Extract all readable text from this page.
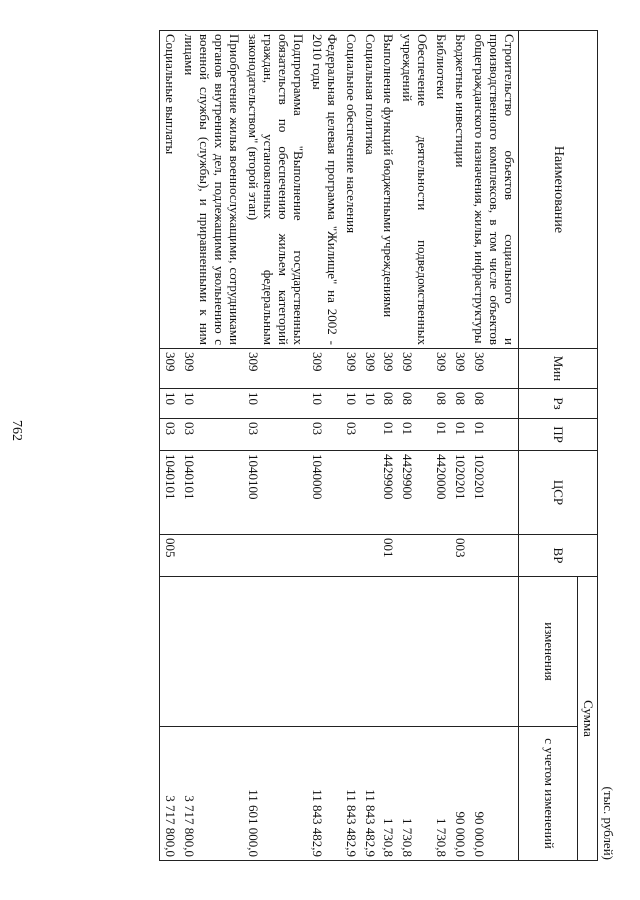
762
(тыс. рублей)
Наименование	Мин	Рз	ПР	ЦСР	ВР	Сумма	
						изменения	с учетом изменений
Строительство объектов социального и производственного комплексов, в том числе объектов общегражданского назначения, жилья, инфраструктуры	309	08	01	1020201			90 000,0
Бюджетные инвестиции	309	08	01	1020201	003		90 000,0
Библиотеки	309	08	01	4420000			1 730,8
Обеспечение деятельности подведомственных учреждений	309	08	01	4429900			1 730,8
Выполнение функций бюджетными учреждениями	309	08	01	4429900	001		1 730,8
Социальная политика	309	10					11 843 482,9
Социальное обеспечение населения	309	10	03				11 843 482,9
Федеральная целевая программа "Жилище" на 2002 - 2010 годы	309	10	03	1040000			11 843 482,9
Подпрограмма "Выполнение государственных обязательств по обеспечению жильем категорий граждан, установленных федеральным законодательством" (второй этап)	309	10	03	1040100			11 601 000,0
Приобретение жилья военнослужащими, сотрудниками органов внутренних дел, подлежащими увольнению с военной службы (службы), и приравненными к ним лицами	309	10	03	1040101			3 717 800,0
Социальные выплаты	309	10	03	1040101	005		3 717 800,0
